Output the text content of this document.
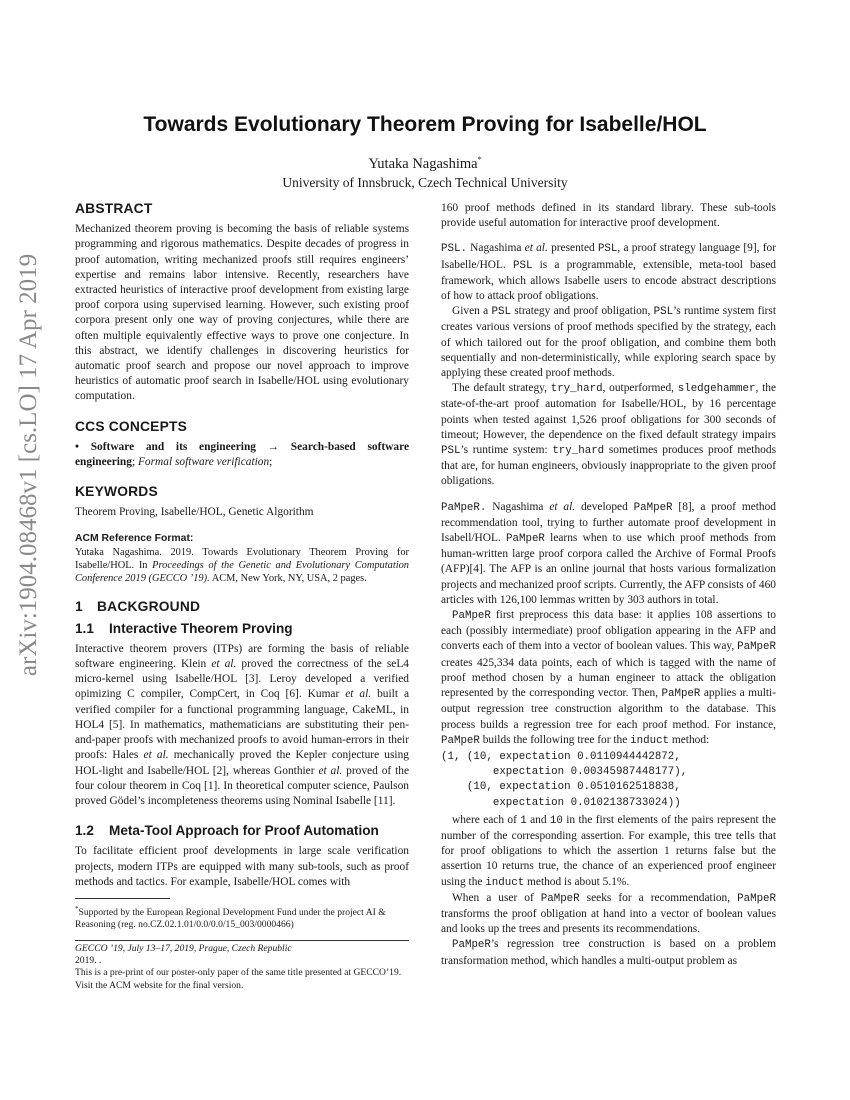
arXiv:1904.08468v1 [cs.LO] 17 Apr 2019
Towards Evolutionary Theorem Proving for Isabelle/HOL
Yutaka Nagashima*
University of Innsbruck, Czech Technical University
ABSTRACT

Mechanized theorem proving is becoming the basis of reliable systems programming and rigorous mathematics. Despite decades of progress in proof automation, writing mechanized proofs still requires engineers’ expertise and remains labor intensive. Recently, researchers have extracted heuristics of interactive proof development from existing large proof corpora using supervised learning. However, such existing proof corpora present only one way of proving conjectures, while there are often multiple equivalently effective ways to prove one conjecture. In this abstract, we identify challenges in discovering heuristics for automatic proof search and propose our novel approach to improve heuristics of automatic proof search in Isabelle/HOL using evolutionary computation.

CCS CONCEPTS

• Software and its engineering → Search-based software engineering; Formal software verification;

KEYWORDS

Theorem Proving, Isabelle/HOL, Genetic Algorithm

ACM Reference Format:

Yutaka Nagashima. 2019. Towards Evolutionary Theorem Proving for Isabelle/HOL. In Proceedings of the Genetic and Evolutionary Computation Conference 2019 (GECCO ’19). ACM, New York, NY, USA, 2 pages.

1 BACKGROUND
1.1 Interactive Theorem Proving

Interactive theorem provers (ITPs) are forming the basis of reliable software engineering. Klein et al. proved the correctness of the seL4 micro-kernel using Isabelle/HOL [3]. Leroy developed a verified opimizing C compiler, CompCert, in Coq [6]. Kumar et al. built a verified compiler for a functional programming language, CakeML, in HOL4 [5]. In mathematics, mathematicians are substituting their pen-and-paper proofs with mechanized proofs to avoid human-errors in their proofs: Hales et al. mechanically proved the Kepler conjecture using HOL-light and Isabelle/HOL [2], whereas Gonthier et al. proved of the four colour theorem in Coq [1]. In theoretical computer science, Paulson proved Gödel’s incompleteness theorems using Nominal Isabelle [11].

1.2 Meta-Tool Approach for Proof Automation

To facilitate efficient proof developments in large scale verification projects, modern ITPs are equipped with many sub-tools, such as proof methods and tactics. For example, Isabelle/HOL comes with

*Supported by the European Regional Development Fund under the project AI & Reasoning (reg. no.CZ.02.1.01/0.0/0.0/15_003/0000466)

GECCO ’19, July 13–17, 2019, Prague, Czech Republic

2019. .

This is a pre-print of our poster-only paper of the same title presented at GECCO’19. Visit the ACM website for the final version.

160 proof methods defined in its standard library. These sub-tools provide useful automation for interactive proof development.

PSL. Nagashima et al. presented PSL, a proof strategy language [9], for Isabelle/HOL. PSL is a programmable, extensible, meta-tool based framework, which allows Isabelle users to encode abstract descriptions of how to attack proof obligations.

Given a PSL strategy and proof obligation, PSL’s runtime system first creates various versions of proof methods specified by the strategy, each of which tailored out for the proof obligation, and combine them both sequentially and non-deterministically, while exploring search space by applying these created proof methods.

The default strategy, try_hard, outperformed, sledgehammer, the state-of-the-art proof automation for Isabelle/HOL, by 16 percentage points when tested against 1,526 proof obligations for 300 seconds of timeout; However, the dependence on the fixed default strategy impairs PSL’s runtime system: try_hard sometimes produces proof methods that are, for human engineers, obviously inappropriate to the given proof obligations.

PaMpeR. Nagashima et al. developed PaMpeR [8], a proof method recommendation tool, trying to further automate proof development in Isabell/HOL. PaMpeR learns when to use which proof methods from human-written large proof corpora called the Archive of Formal Proofs (AFP)[4]. The AFP is an online journal that hosts various formalization projects and mechanized proof scripts. Currently, the AFP consists of 460 articles with 126,100 lemmas written by 303 authors in total.

PaMpeR first preprocess this data base: it applies 108 assertions to each (possibly intermediate) proof obligation appearing in the AFP and converts each of them into a vector of boolean values. This way, PaMpeR creates 425,334 data points, each of which is tagged with the name of proof method chosen by a human engineer to attack the obligation represented by the corresponding vector. Then, PaMpeR applies a multi-output regression tree construction algorithm to the database. This process builds a regression tree for each proof method. For instance, PaMpeR builds the following tree for the induct method:

(1, (10, expectation 0.0110944442872,
expectation 0.00345987448177),
(10, expectation 0.0510162518838,
expectation 0.0102138733024))

where each of 1 and 10 in the first elements of the pairs represent the number of the corresponding assertion. For example, this tree tells that for proof obligations to which the assertion 1 returns false but the assertion 10 returns true, the chance of an experienced proof engineer using the induct method is about 5.1%.

When a user of PaMpeR seeks for a recommendation, PaMpeR transforms the proof obligation at hand into a vector of boolean values and looks up the trees and presents its recommendations.

PaMpeR’s regression tree construction is based on a problem transformation method, which handles a multi-output problem as
